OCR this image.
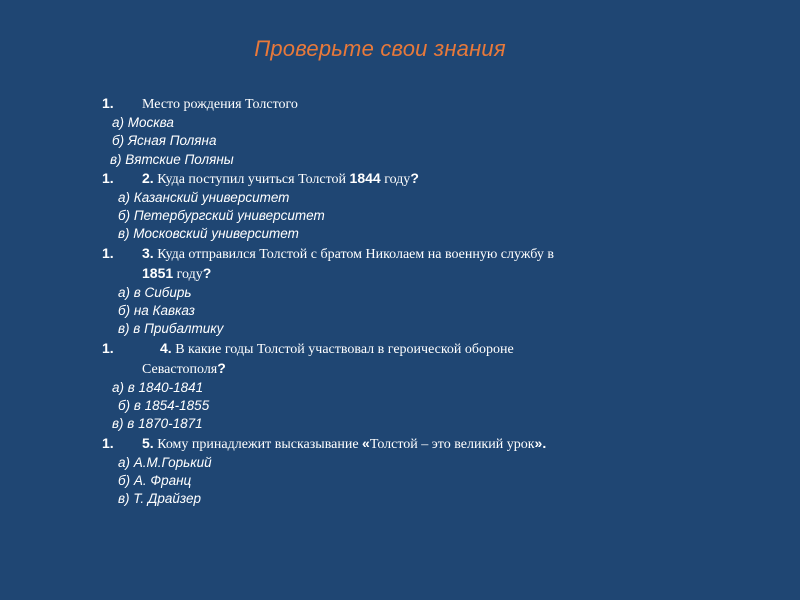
Проверьте свои знания
1. Место рождения Толстого
а) Москва
б) Ясная Поляна
в) Вятские Поляны
1. 2. Куда поступил учиться Толстой 1844 году?
а) Казанский университет
б) Петербургский университет
в) Московский университет
1. 3. Куда отправился Толстой с братом Николаем на военную службу в
1851 году?
а) в Сибирь
б) на Кавказ
в) в Прибалтику
1.	4. В какие годы Толстой участвовал в героической обороне
Севастополя?
а) в 1840-1841
б) в 1854-1855
в) в 1870-1871
1. 5. Кому принадлежит высказывание «Толстой – это великий урок».
а) А.М.Горький
б) А. Франц
в) Т. Драйзер
